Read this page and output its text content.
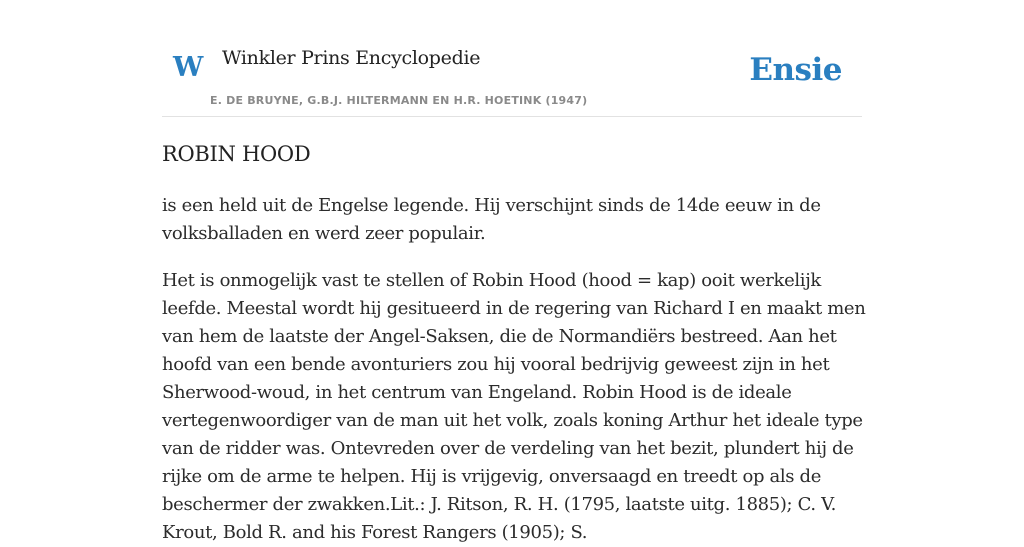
W Winkler Prins Encyclopedie
E. DE BRUYNE, G.B.J. HILTERMANN EN H.R. HOETINK (1947)
Ensie
ROBIN HOOD

is een held uit de Engelse legende. Hij verschijnt sinds de 14de eeuw in de volksballaden en werd zeer populair.

Het is onmogelijk vast te stellen of Robin Hood (hood = kap) ooit werkelijk leefde. Meestal wordt hij gesitueerd in de regering van Richard I en maakt men van hem de laatste der Angel-Saksen, die de Normandiërs bestreed. Aan het hoofd van een bende avonturiers zou hij vooral bedrijvig geweest zijn in het Sherwood-woud, in het centrum van Engeland. Robin Hood is de ideale vertegenwoordiger van de man uit het volk, zoals koning Arthur het ideale type van de ridder was. Ontevreden over de verdeling van het bezit, plundert hij de rijke om de arme te helpen. Hij is vrijgevig, onversaagd en treedt op als de beschermer der zwakken.Lit.: J. Ritson, R. H. (1795, laatste uitg. 1885); C. V. Krout, Bold R. and his Forest Rangers (1905); S.
